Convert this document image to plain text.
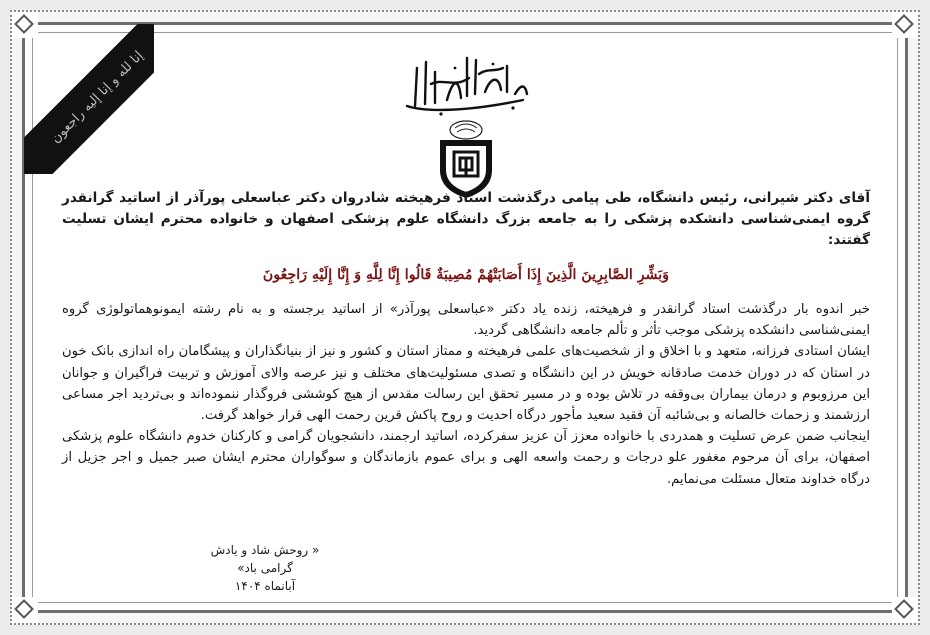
إنا لله و إنا إليه راجعون

آقای دکتر شیرانی، رئیس دانشگاه، طی پیامی درگذشت استاد فرهیخته شادروان دکتر عباسعلی پورآذر از اساتید گرانقدر گروه ایمنی‌شناسی دانشکده پزشکی را به جامعه بزرگ دانشگاه علوم پزشکی اصفهان و خانواده محترم ایشان تسلیت گفتند:

وَبَشِّرِ الصَّابِرِينَ الَّذِينَ إِذَا أَصَابَتْهُمْ مُصِيبَةٌ قَالُوا إِنَّا لِلَّهِ وَ إِنَّا إِلَيْهِ رَاجِعُونَ

خبر اندوه بار درگذشت استاد گرانقدر و فرهیخته، زنده یاد دکتر «عباسعلی پورآذر» از اساتید برجسته و به نام رشته ایمونوهماتولوژی گروه ایمنی‌شناسی دانشکده پزشکی موجب تأثر و تألم جامعه دانشگاهی گردید.

ایشان استادی فرزانه، متعهد و با اخلاق و از شخصیت‌های علمی فرهیخته و ممتاز استان و کشور و نیز از بنیانگذاران و پیشگامان راه اندازی بانک خون در استان که در دوران خدمت صادقانه خویش در این دانشگاه و تصدی مسئولیت‌های مختلف و نیز عرصه والای آموزش و تربیت فراگیران و جوانان این مرزوبوم و درمان بیماران بی‌وقفه در تلاش بوده و در مسیر تحقق این رسالت مقدس از هیچ کوششی فروگذار ننموده‌اند و بی‌تردید اجر مساعی ارزشمند و زحمات خالصانه و بی‌شائبه آن فقید سعید مأجور درگاه احدیت و روح پاکش قرین رحمت الهی قرار خواهد گرفت.

اینجانب ضمن عرض تسلیت و همدردی با خانواده معزز آن عزیز سفرکرده، اساتید ارجمند، دانشجویان گرامی و کارکنان خدوم دانشگاه علوم پزشکی اصفهان، برای آن مرحوم مغفور علو درجات و رحمت واسعه الهی و برای عموم بازماندگان و سوگواران محترم ایشان صبر جمیل و اجر جزیل از درگاه خداوند متعال مسئلت می‌نمایم.

« روحش شاد و یادش گرامی باد»
آبانماه ۱۴۰۴
